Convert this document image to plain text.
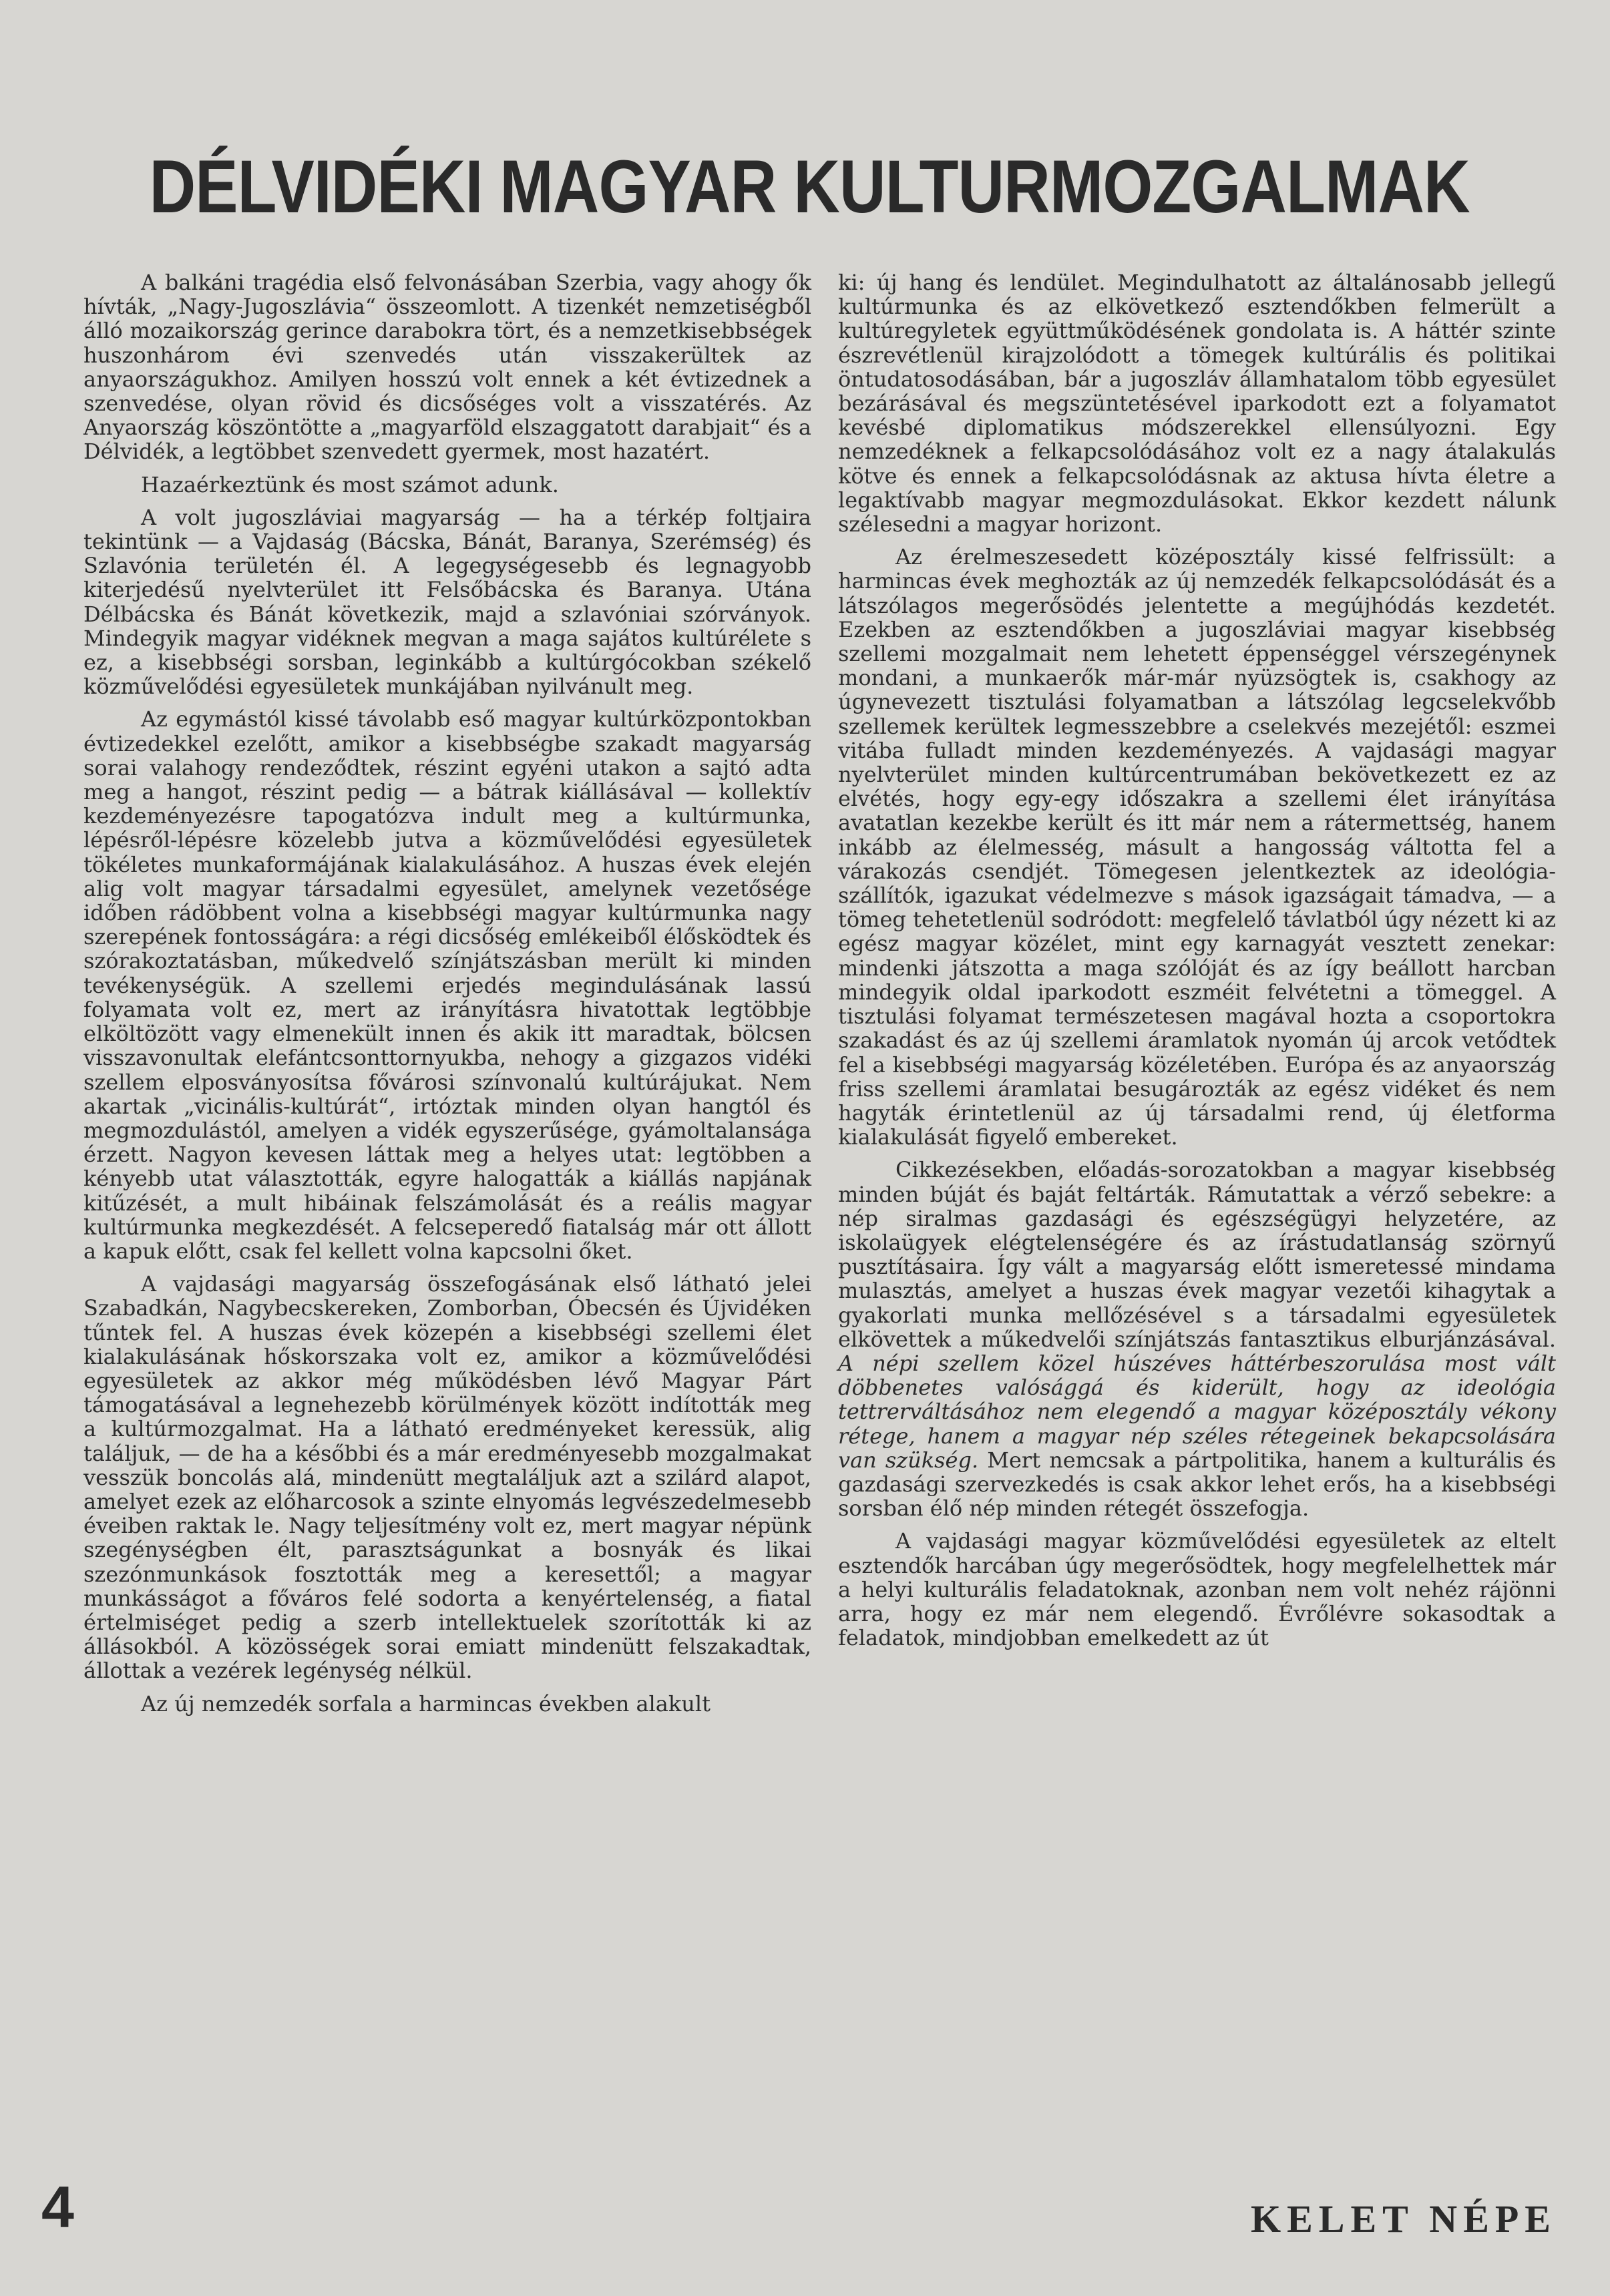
DÉLVIDÉKI MAGYAR KULTURMOZGALMAK

A balkáni tragédia első felvonásában Szerbia, vagy ahogy ők hívták, „Nagy-Jugoszlávia“ összeomlott. A tizenkét nemzetiségből álló mozaikország gerince darabokra tört, és a nemzetkisebbségek huszonhárom évi szenvedés után visszakerültek az anyaországukhoz. Amilyen hosszú volt ennek a két évtizednek a szenvedése, olyan rövid és dicsőséges volt a visszatérés. Az Anyaország köszöntötte a „magyarföld elszaggatott darabjait“ és a Délvidék, a legtöbbet szenvedett gyermek, most hazatért.

Hazaérkeztünk és most számot adunk.

A volt jugoszláviai magyarság — ha a térkép foltjaira tekintünk — a Vajdaság (Bácska, Bánát, Baranya, Szerémség) és Szlavónia területén él. A legegységesebb és legnagyobb kiterjedésű nyelvterület itt Felsőbácska és Baranya. Utána Délbácska és Bánát következik, majd a szlavóniai szórványok. Mindegyik magyar vidéknek megvan a maga sajátos kultúrélete s ez, a kisebbségi sorsban, leginkább a kultúrgócokban székelő közművelődési egyesületek munkájában nyilvánult meg.

Az egymástól kissé távolabb eső magyar kultúrközpontokban évtizedekkel ezelőtt, amikor a kisebbségbe szakadt magyarság sorai valahogy rendeződtek, részint egyéni utakon a sajtó adta meg a hangot, részint pedig — a bátrak kiállásával — kollektív kezdeményezésre tapogatózva indult meg a kultúrmunka, lépésről-lépésre közelebb jutva a közművelődési egyesületek tökéletes munkaformájának kialakulásához. A huszas évek elején alig volt magyar társadalmi egyesület, amelynek vezetősége időben rádöbbent volna a kisebbségi magyar kultúrmunka nagy szerepének fontosságára: a régi dicsőség emlékeiből élősködtek és szórakoztatásban, műkedvelő színjátszásban merült ki minden tevékenységük. A szellemi erjedés megindulásának lassú folyamata volt ez, mert az irányításra hivatottak legtöbbje elköltözött vagy elmenekült innen és akik itt maradtak, bölcsen visszavonultak elefántcsonttornyukba, nehogy a gizgazos vidéki szellem elposványosítsa fővárosi színvonalú kultúrájukat. Nem akartak „vicinális-kultúrát“, irtóztak minden olyan hangtól és megmozdulástól, amelyen a vidék egyszerűsége, gyámoltalansága érzett. Nagyon kevesen láttak meg a helyes utat: legtöbben a kényebb utat választották, egyre halogatták a kiállás napjának kitűzését, a mult hibáinak felszámolását és a reális magyar kultúrmunka megkezdését. A felcseperedő fiatalság már ott állott a kapuk előtt, csak fel kellett volna kapcsolni őket.

A vajdasági magyarság összefogásának első látható jelei Szabadkán, Nagybecskereken, Zomborban, Óbecsén és Újvidéken tűntek fel. A huszas évek közepén a kisebbségi szellemi élet kialakulásának hőskorszaka volt ez, amikor a közművelődési egyesületek az akkor még működésben lévő Magyar Párt támogatásával a legnehezebb körülmények között indították meg a kultúrmozgalmat. Ha a látható eredményeket keressük, alig találjuk, — de ha a későbbi és a már eredményesebb mozgalmakat vesszük boncolás alá, mindenütt megtaláljuk azt a szilárd alapot, amelyet ezek az előharcosok a szinte elnyomás legvészedelmesebb éveiben raktak le. Nagy teljesítmény volt ez, mert magyar népünk szegénységben élt, parasztságunkat a bosnyák és likai szezónmunkások fosztották meg a keresettől; a magyar munkásságot a főváros felé sodorta a kenyértelenség, a fiatal értelmiséget pedig a szerb intellektuelek szorították ki az állásokból. A közösségek sorai emiatt mindenütt felszakadtak, állottak a vezérek legénység nélkül.

Az új nemzedék sorfala a harmincas években alakult

ki: új hang és lendület. Megindulhatott az általánosabb jellegű kultúrmunka és az elkövetkező esztendőkben felmerült a kultúregyletek együttműködésének gondolata is. A háttér szinte észrevétlenül kirajzolódott a tömegek kultúrális és politikai öntudatosodásában, bár a jugoszláv államhatalom több egyesület bezárásával és megszüntetésével iparkodott ezt a folyamatot kevésbé diplomatikus módszerekkel ellensúlyozni. Egy nemzedéknek a felkapcsolódásához volt ez a nagy átalakulás kötve és ennek a felkapcsolódásnak az aktusa hívta életre a legaktívabb magyar megmozdulásokat. Ekkor kezdett nálunk szélesedni a magyar horizont.

Az érelmeszesedett középosztály kissé felfrissült: a harmincas évek meghozták az új nemzedék felkapcsolódását és a látszólagos megerősödés jelentette a megújhódás kezdetét. Ezekben az esztendőkben a jugoszláviai magyar kisebbség szellemi mozgalmait nem lehetett éppenséggel vérszegénynek mondani, a munkaerők már-már nyüzsögtek is, csakhogy az úgynevezett tisztulási folyamatban a látszólag legcselekvőbb szellemek kerültek legmesszebbre a cselekvés mezejétől: eszmei vitába fulladt minden kezdeményezés. A vajdasági magyar nyelvterület minden kultúrcentrumában bekövetkezett ez az elvétés, hogy egy-egy időszakra a szellemi élet irányítása avatatlan kezekbe került és itt már nem a rátermettség, hanem inkább az élelmesség, másult a hangosság váltotta fel a várakozás csendjét. Tömegesen jelentkeztek az ideológia-szállítók, igazukat védelmezve s mások igazságait támadva, — a tömeg tehetetlenül sodródott: megfelelő távlatból úgy nézett ki az egész magyar közélet, mint egy karnagyát vesztett zenekar: mindenki játszotta a maga szólóját és az így beállott harcban mindegyik oldal iparkodott eszméit felvétetni a tömeggel. A tisztulási folyamat természetesen magával hozta a csoportokra szakadást és az új szellemi áramlatok nyomán új arcok vetődtek fel a kisebbségi magyarság közéletében. Európa és az anyaország friss szellemi áramlatai besugározták az egész vidéket és nem hagyták érintetlenül az új társadalmi rend, új életforma kialakulását figyelő embereket.

Cikkezésekben, előadás-sorozatokban a magyar kisebbség minden búját és baját feltárták. Rámutattak a vérző sebekre: a nép siralmas gazdasági és egészségügyi helyzetére, az iskolaügyek elégtelenségére és az írástudatlanság szörnyű pusztításaira. Így vált a magyarság előtt ismeretessé mindama mulasztás, amelyet a huszas évek magyar vezetői kihagytak a gyakorlati munka mellőzésével s a társadalmi egyesületek elkövettek a műkedvelői színjátszás fantasztikus elburjánzásával. A népi szellem közel húszéves háttérbeszorulása most vált döbbenetes valósággá és kiderült, hogy az ideológia tettrerváltásához nem elegendő a magyar középosztály vékony rétege, hanem a magyar nép széles rétegeinek bekapcsolására van szükség. Mert nemcsak a pártpolitika, hanem a kulturális és gazdasági szervezkedés is csak akkor lehet erős, ha a kisebbségi sorsban élő nép minden rétegét összefogja.

A vajdasági magyar közművelődési egyesületek az eltelt esztendők harcában úgy megerősödtek, hogy megfelelhettek már a helyi kulturális feladatoknak, azonban nem volt nehéz rájönni arra, hogy ez már nem elegendő. Évrőlévre sokasodtak a feladatok, mindjobban emelkedett az út

4	KELET NÉPE
